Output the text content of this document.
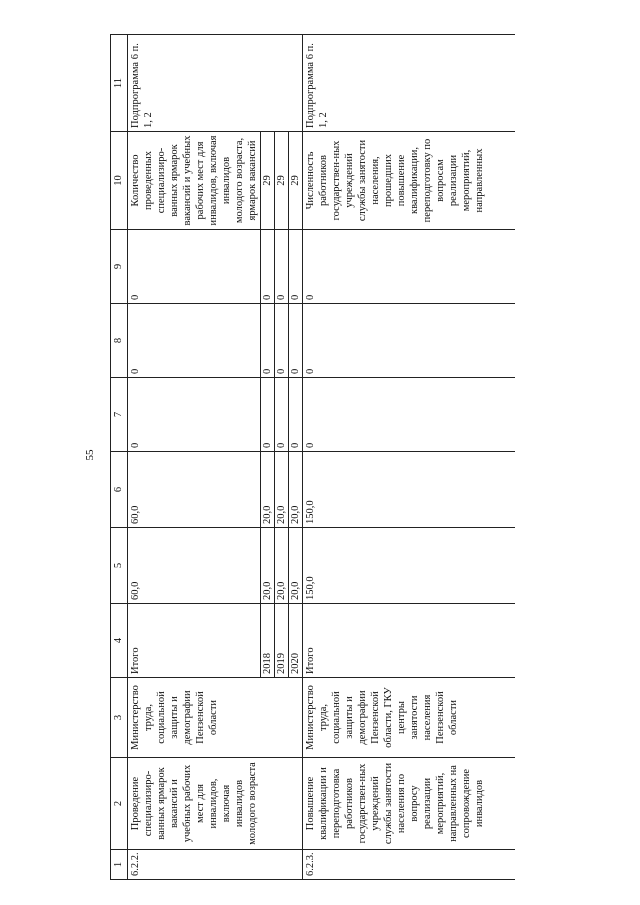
55
1	2	3	4	5	6	7	8	9	10	11
6.2.2.	Проведение специализиро-ванных ярмарок вакансий и учебных рабочих мест для инвалидов, включая инвалидов молодого возраста	Министерство труда, социальной защиты и демографии Пензенской области	Итого	60,0	60,0	0	0	0	Количество проведенных специализиро-ванных ярмарок вакансий и учебных рабочих мест для инвалидов, включая инвалидов молодого возраста, ярмарок вакансий	Подпрограмма 6 п. 1, 2
			2018	20,0	20,0	0	0	0	29	
			2019	20,0	20,0	0	0	0	29	
			2020	20,0	20,0	0	0	0	29	
6.2.3.	Повышение квалификации и переподготовка работников государствен-ных учреждений службы занятости населения по вопросу реализации мероприятий, направленных на сопровождение инвалидов	Министерство труда, социальной защиты и демографии Пензенской области, ГКУ центры занятости населения Пензенской области	Итого	150,0	150,0	0	0	0	Численность работников государствен-ных учреждений службы занятости населения, прошедших повышение квалификации, переподготовку по вопросам реализации мероприятий, направленных	Подпрограмма 6 п. 1, 2
